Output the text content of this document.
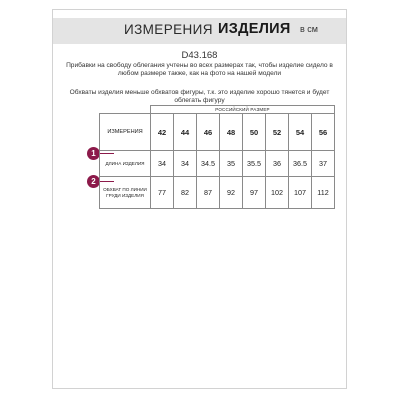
ИЗМЕРЕНИЯ ИЗДЕЛИЯ в см
D43.168
Прибавки на свободу облегания учтены во всех размерах так, чтобы изделие сидело в любом размере также, как на фото на нашей модели
Обхваты изделия меньше обхватов фигуры, т.к. это изделие хорошо тянется и будет облегать фигуру
1
2
	РОССИЙСКИЙ РАЗМЕР							
ИЗМЕРЕНИЯ	42	44	46	48	50	52	54	56
ДЛИНА ИЗДЕЛИЯ	34	34	34.5	35	35.5	36	36.5	37
ОБХВАТ ПО ЛИНИИ ГРУДИ ИЗДЕЛИЯ	77	82	87	92	97	102	107	112
